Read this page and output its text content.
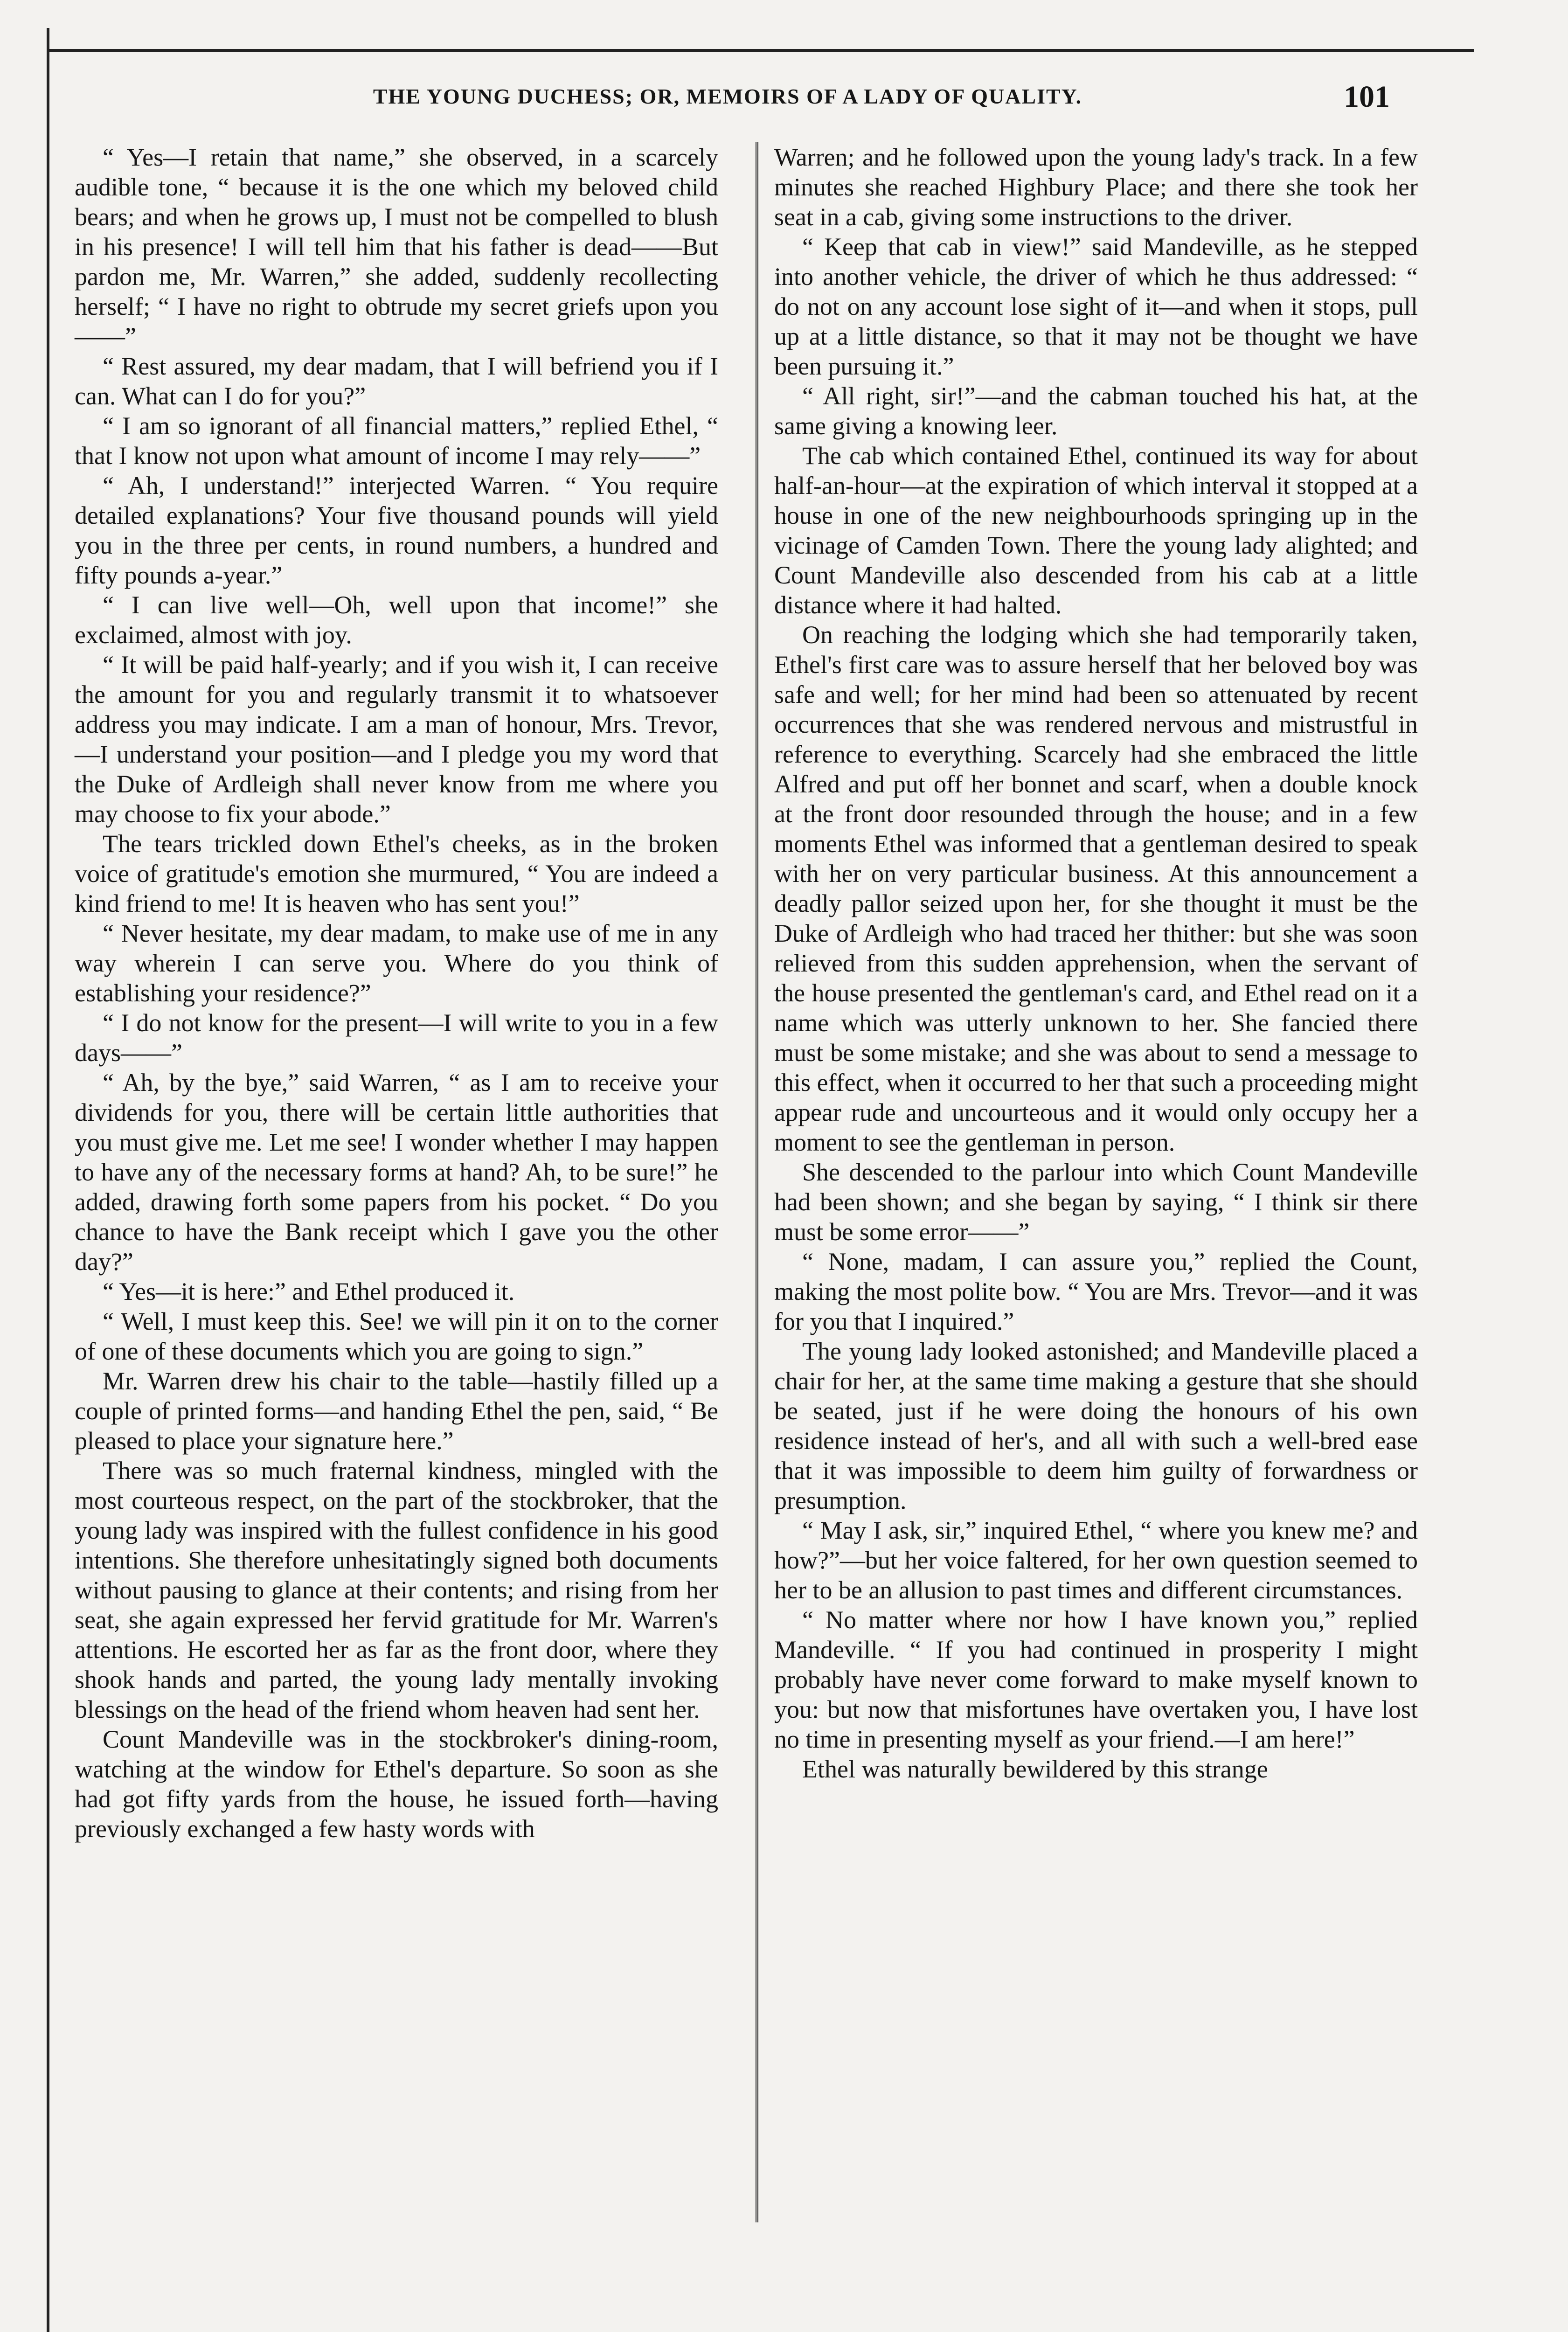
THE YOUNG DUCHESS; OR, MEMOIRS OF A LADY OF QUALITY.	101

“ Yes—I retain that name,” she observed, in a scarcely audible tone, “ because it is the one which my beloved child bears; and when he grows up, I must not be compelled to blush in his presence! I will tell him that his father is dead——But pardon me, Mr. Warren,” she added, suddenly recollecting herself; “ I have no right to obtrude my secret griefs upon you——”

“ Rest assured, my dear madam, that I will befriend you if I can. What can I do for you?”

“ I am so ignorant of all financial matters,” replied Ethel, “ that I know not upon what amount of income I may rely——”

“ Ah, I understand!” interjected Warren. “ You require detailed explanations? Your five thousand pounds will yield you in the three per cents, in round numbers, a hundred and fifty pounds a-year.”

“ I can live well—Oh, well upon that income!” she exclaimed, almost with joy.

“ It will be paid half-yearly; and if you wish it, I can receive the amount for you and regularly transmit it to whatsoever address you may indicate. I am a man of honour, Mrs. Trevor,—I understand your position—and I pledge you my word that the Duke of Ardleigh shall never know from me where you may choose to fix your abode.”

The tears trickled down Ethel's cheeks, as in the broken voice of gratitude's emotion she murmured, “ You are indeed a kind friend to me! It is heaven who has sent you!”

“ Never hesitate, my dear madam, to make use of me in any way wherein I can serve you. Where do you think of establishing your residence?”

“ I do not know for the present—I will write to you in a few days——”

“ Ah, by the bye,” said Warren, “ as I am to receive your dividends for you, there will be certain little authorities that you must give me. Let me see! I wonder whether I may happen to have any of the necessary forms at hand? Ah, to be sure!” he added, drawing forth some papers from his pocket. “ Do you chance to have the Bank receipt which I gave you the other day?”

“ Yes—it is here:” and Ethel produced it.

“ Well, I must keep this. See! we will pin it on to the corner of one of these documents which you are going to sign.”

Mr. Warren drew his chair to the table—hastily filled up a couple of printed forms—and handing Ethel the pen, said, “ Be pleased to place your signature here.”

There was so much fraternal kindness, mingled with the most courteous respect, on the part of the stockbroker, that the young lady was inspired with the fullest confidence in his good intentions. She therefore unhesitatingly signed both documents without pausing to glance at their contents; and rising from her seat, she again expressed her fervid gratitude for Mr. Warren's attentions. He escorted her as far as the front door, where they shook hands and parted, the young lady mentally invoking blessings on the head of the friend whom heaven had sent her.

Count Mandeville was in the stockbroker's dining-room, watching at the window for Ethel's departure. So soon as she had got fifty yards from the house, he issued forth—having previously exchanged a few hasty words with

Warren; and he followed upon the young lady's track. In a few minutes she reached Highbury Place; and there she took her seat in a cab, giving some instructions to the driver.

“ Keep that cab in view!” said Mandeville, as he stepped into another vehicle, the driver of which he thus addressed: “ do not on any account lose sight of it—and when it stops, pull up at a little distance, so that it may not be thought we have been pursuing it.”

“ All right, sir!”—and the cabman touched his hat, at the same giving a knowing leer.

The cab which contained Ethel, continued its way for about half-an-hour—at the expiration of which interval it stopped at a house in one of the new neighbourhoods springing up in the vicinage of Camden Town. There the young lady alighted; and Count Mandeville also descended from his cab at a little distance where it had halted.

On reaching the lodging which she had temporarily taken, Ethel's first care was to assure herself that her beloved boy was safe and well; for her mind had been so attenuated by recent occurrences that she was rendered nervous and mistrustful in reference to everything. Scarcely had she embraced the little Alfred and put off her bonnet and scarf, when a double knock at the front door resounded through the house; and in a few moments Ethel was informed that a gentleman desired to speak with her on very particular business. At this announcement a deadly pallor seized upon her, for she thought it must be the Duke of Ardleigh who had traced her thither: but she was soon relieved from this sudden apprehension, when the servant of the house presented the gentleman's card, and Ethel read on it a name which was utterly unknown to her. She fancied there must be some mistake; and she was about to send a message to this effect, when it occurred to her that such a proceeding might appear rude and uncourteous and it would only occupy her a moment to see the gentleman in person.

She descended to the parlour into which Count Mandeville had been shown; and she began by saying, “ I think sir there must be some error——”

“ None, madam, I can assure you,” replied the Count, making the most polite bow. “ You are Mrs. Trevor—and it was for you that I inquired.”

The young lady looked astonished; and Mandeville placed a chair for her, at the same time making a gesture that she should be seated, just if he were doing the honours of his own residence instead of her's, and all with such a well-bred ease that it was impossible to deem him guilty of forwardness or presumption.

“ May I ask, sir,” inquired Ethel, “ where you knew me? and how?”—but her voice faltered, for her own question seemed to her to be an allusion to past times and different circumstances.

“ No matter where nor how I have known you,” replied Mandeville. “ If you had continued in prosperity I might probably have never come forward to make myself known to you: but now that misfortunes have overtaken you, I have lost no time in presenting myself as your friend.—I am here!”

Ethel was naturally bewildered by this strange
